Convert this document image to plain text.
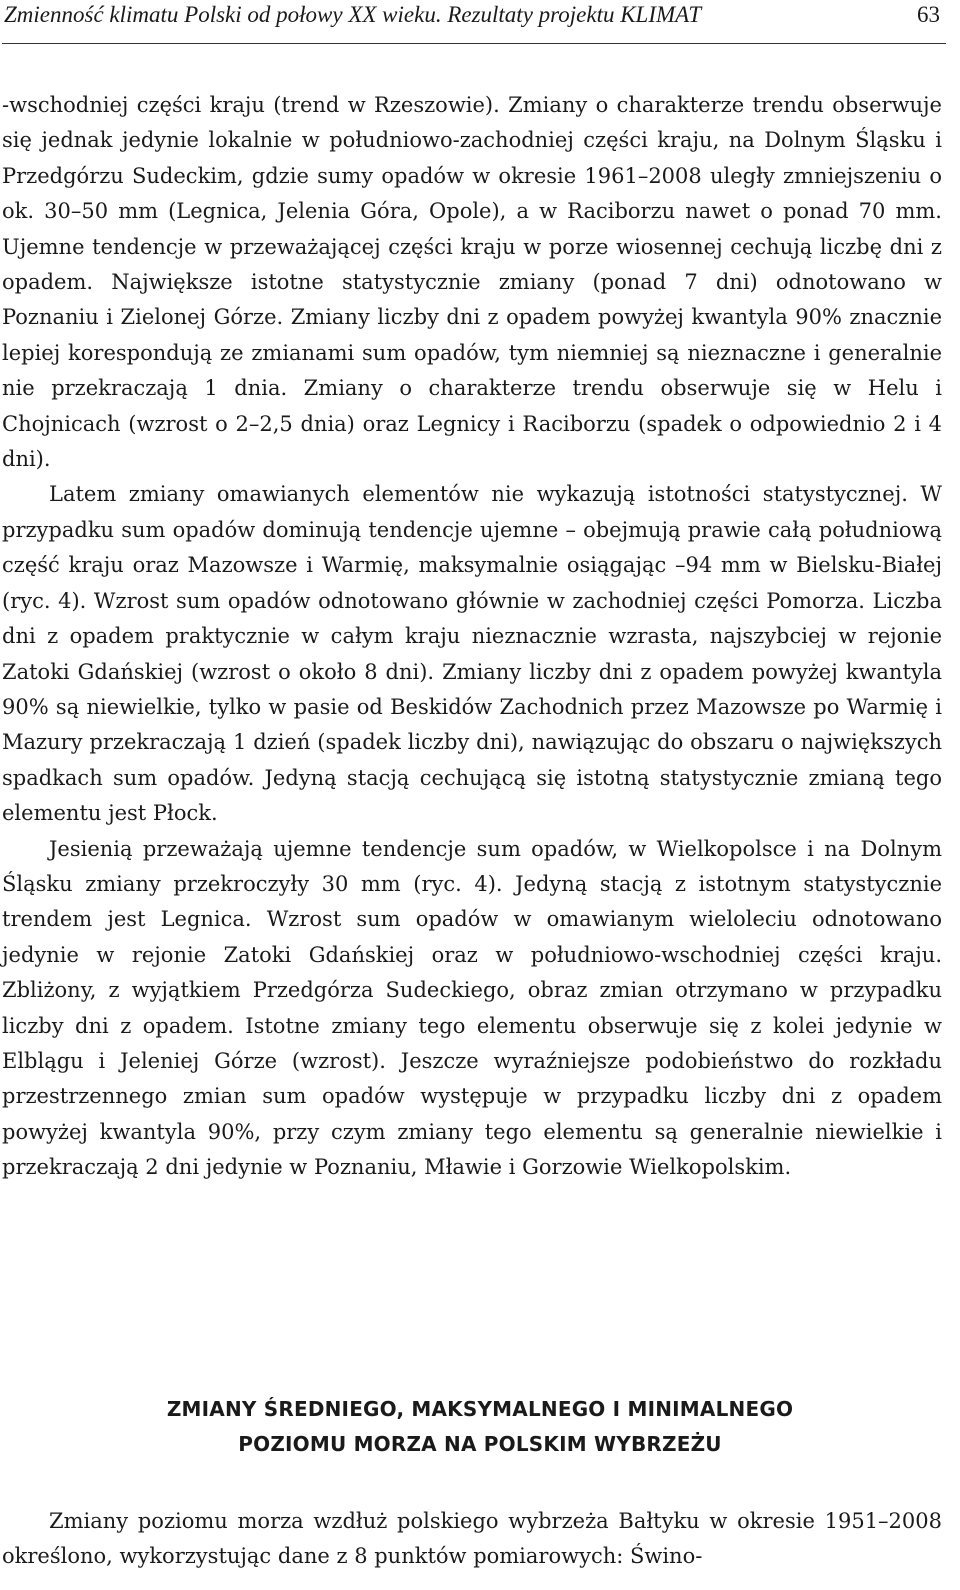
Zmienność klimatu Polski od połowy XX wieku. Rezultaty projektu KLIMAT	63

-wschodniej części kraju (trend w Rzeszowie). Zmiany o charakterze trendu obserwuje się jednak jedynie lokalnie w południowo-zachodniej części kraju, na Dolnym Śląsku i Przedgórzu Sudeckim, gdzie sumy opadów w okresie 1961–2008 uległy zmniejszeniu o ok. 30–50 mm (Legnica, Jelenia Góra, Opole), a w Raciborzu nawet o ponad 70 mm. Ujemne tendencje w przeważającej części kraju w porze wiosennej cechują liczbę dni z opadem. Największe istotne statystycznie zmiany (ponad 7 dni) odnotowano w Poznaniu i Zielonej Górze. Zmiany liczby dni z opadem powyżej kwantyla 90% znacznie lepiej korespondują ze zmianami sum opadów, tym niemniej są nieznaczne i generalnie nie przekraczają 1 dnia. Zmiany o charakterze trendu obserwuje się w Helu i Chojnicach (wzrost o 2–2,5 dnia) oraz Legnicy i Raciborzu (spadek o odpowiednio 2 i 4 dni).

Latem zmiany omawianych elementów nie wykazują istotności statystycznej. W przypadku sum opadów dominują tendencje ujemne – obejmują prawie całą południową część kraju oraz Mazowsze i Warmię, maksymalnie osiągając –94 mm w Bielsku-Białej (ryc. 4). Wzrost sum opadów odnotowano głównie w zachodniej części Pomorza. Liczba dni z opadem praktycznie w całym kraju nieznacznie wzrasta, najszybciej w rejonie Zatoki Gdańskiej (wzrost o około 8 dni). Zmiany liczby dni z opadem powyżej kwantyla 90% są niewielkie, tylko w pasie od Beskidów Zachodnich przez Mazowsze po Warmię i Mazury przekraczają 1 dzień (spadek liczby dni), nawiązując do obszaru o największych spadkach sum opadów. Jedyną stacją cechującą się istotną statystycznie zmianą tego elementu jest Płock.

Jesienią przeważają ujemne tendencje sum opadów, w Wielkopolsce i na Dolnym Śląsku zmiany przekroczyły 30 mm (ryc. 4). Jedyną stacją z istotnym statystycznie trendem jest Legnica. Wzrost sum opadów w omawianym wieloleciu odnotowano jedynie w rejonie Zatoki Gdańskiej oraz w południowo-wschodniej części kraju. Zbliżony, z wyjątkiem Przedgórza Sudeckiego, obraz zmian otrzymano w przypadku liczby dni z opadem. Istotne zmiany tego elementu obserwuje się z kolei jedynie w Elblągu i Jeleniej Górze (wzrost). Jeszcze wyraźniejsze podobieństwo do rozkładu przestrzennego zmian sum opadów występuje w przypadku liczby dni z opadem powyżej kwantyla 90%, przy czym zmiany tego elementu są generalnie niewielkie i przekraczają 2 dni jedynie w Poznaniu, Mławie i Gorzowie Wielkopolskim.

ZMIANY ŚREDNIEGO, MAKSYMALNEGO I MINIMALNEGO
POZIOMU MORZA NA POLSKIM WYBRZEŻU

Zmiany poziomu morza wzdłuż polskiego wybrzeża Bałtyku w okresie 1951–2008 określono, wykorzystując dane z 8 punktów pomiarowych: Świno-
